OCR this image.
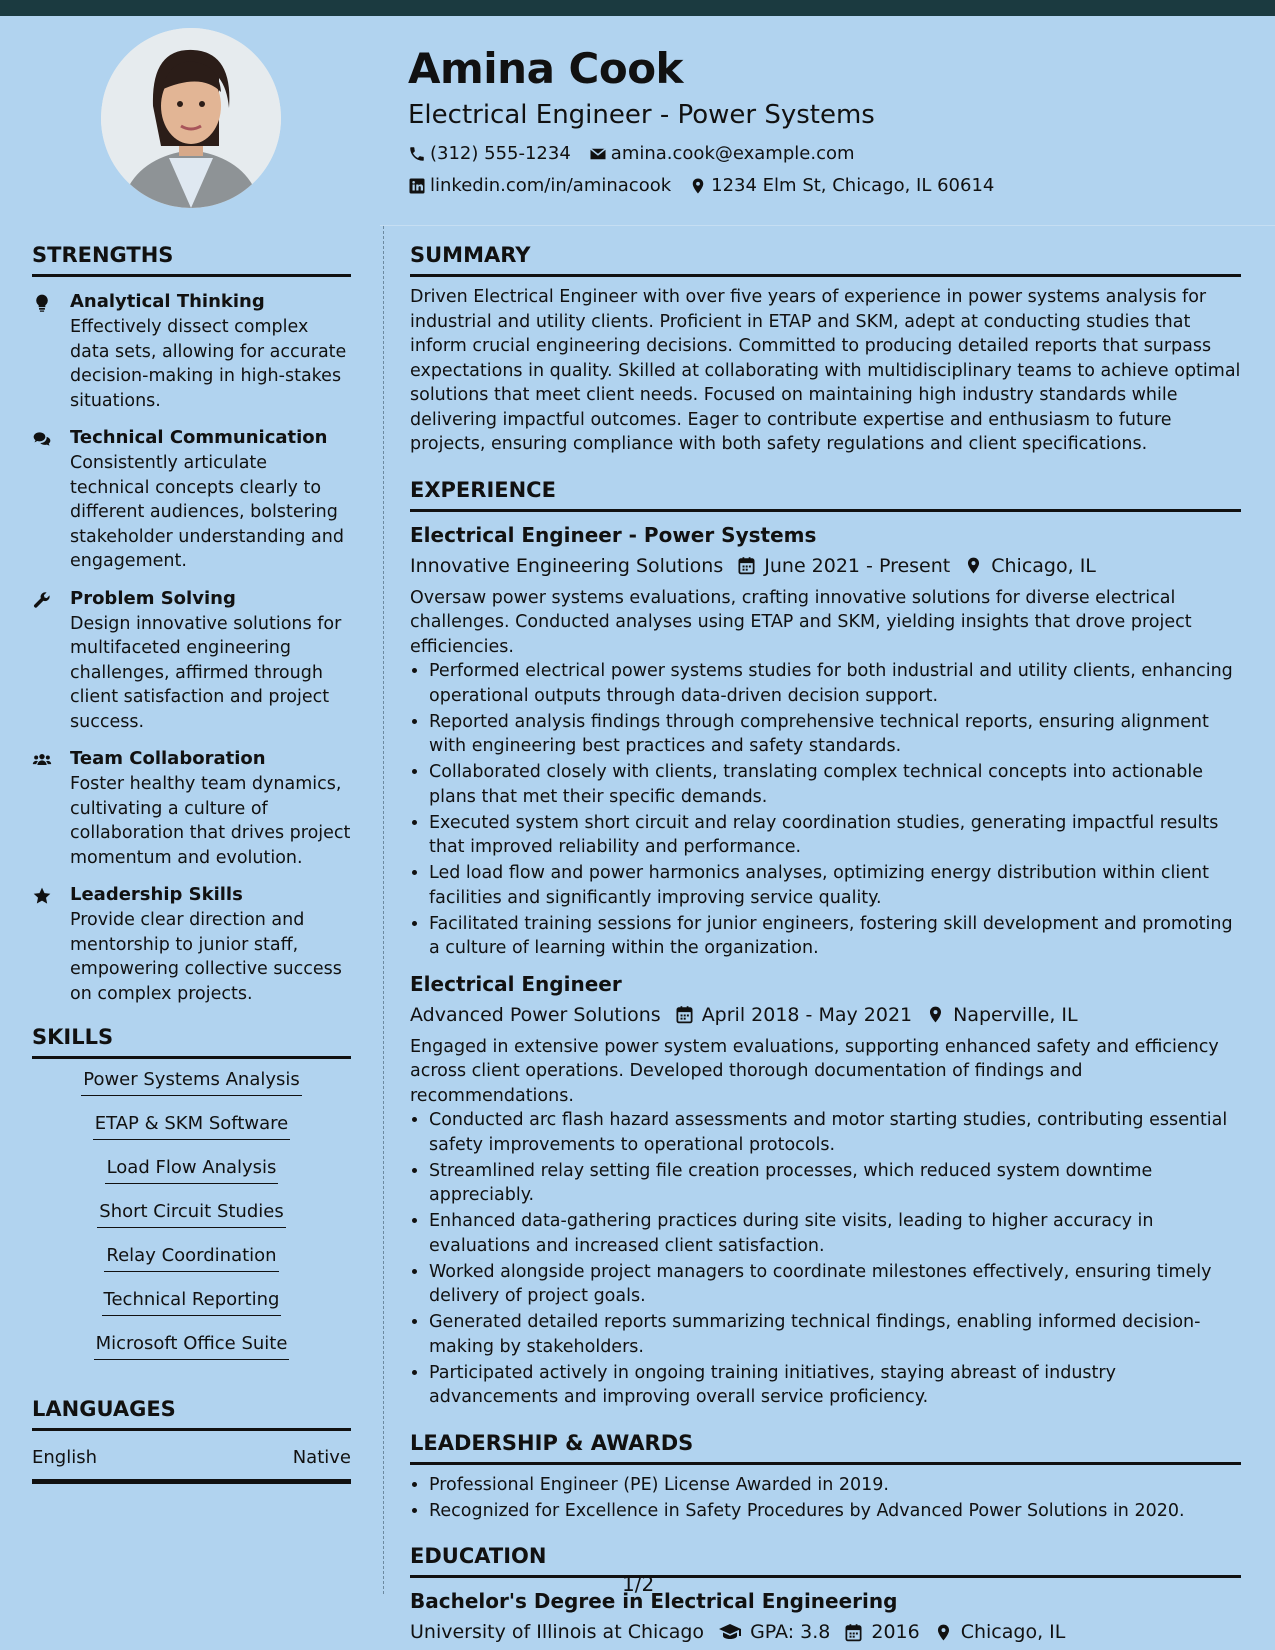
Amina Cook
Electrical Engineer - Power Systems
(312) 555-1234 amina.cook@example.com
linkedin.com/in/aminacook 1234 Elm St, Chicago, IL 60614
STRENGTHS
Analytical Thinking
Effectively dissect complex data sets, allowing for accurate decision-making in high-stakes situations.
Technical Communication
Consistently articulate technical concepts clearly to different audiences, bolstering stakeholder understanding and engagement.
Problem Solving
Design innovative solutions for multifaceted engineering challenges, affirmed through client satisfaction and project success.
Team Collaboration
Foster healthy team dynamics, cultivating a culture of collaboration that drives project momentum and evolution.
Leadership Skills
Provide clear direction and mentorship to junior staff, empowering collective success on complex projects.
SKILLS
Power Systems Analysis
ETAP & SKM Software
Load Flow Analysis
Short Circuit Studies
Relay Coordination
Technical Reporting
Microsoft Office Suite
LANGUAGES
English	Native
SUMMARY

Driven Electrical Engineer with over five years of experience in power systems analysis for industrial and utility clients. Proficient in ETAP and SKM, adept at conducting studies that inform crucial engineering decisions. Committed to producing detailed reports that surpass expectations in quality. Skilled at collaborating with multidisciplinary teams to achieve optimal solutions that meet client needs. Focused on maintaining high industry standards while delivering impactful outcomes. Eager to contribute expertise and enthusiasm to future projects, ensuring compliance with both safety regulations and client specifications.

EXPERIENCE
Electrical Engineer - Power Systems
Innovative Engineering Solutions June 2021 - Present Chicago, IL

Oversaw power systems evaluations, crafting innovative solutions for diverse electrical challenges. Conducted analyses using ETAP and SKM, yielding insights that drove project efficiencies.

• Performed electrical power systems studies for both industrial and utility clients, enhancing operational outputs through data-driven decision support.
• Reported analysis findings through comprehensive technical reports, ensuring alignment with engineering best practices and safety standards.
• Collaborated closely with clients, translating complex technical concepts into actionable plans that met their specific demands.
• Executed system short circuit and relay coordination studies, generating impactful results that improved reliability and performance.
• Led load flow and power harmonics analyses, optimizing energy distribution within client facilities and significantly improving service quality.
• Facilitated training sessions for junior engineers, fostering skill development and promoting a culture of learning within the organization.
Electrical Engineer
Advanced Power Solutions April 2018 - May 2021 Naperville, IL

Engaged in extensive power system evaluations, supporting enhanced safety and efficiency across client operations. Developed thorough documentation of findings and recommendations.

• Conducted arc flash hazard assessments and motor starting studies, contributing essential safety improvements to operational protocols.
• Streamlined relay setting file creation processes, which reduced system downtime appreciably.
• Enhanced data-gathering practices during site visits, leading to higher accuracy in evaluations and increased client satisfaction.
• Worked alongside project managers to coordinate milestones effectively, ensuring timely delivery of project goals.
• Generated detailed reports summarizing technical findings, enabling informed decision-making by stakeholders.
• Participated actively in ongoing training initiatives, staying abreast of industry advancements and improving overall service proficiency.
LEADERSHIP & AWARDS
• Professional Engineer (PE) License Awarded in 2019.
• Recognized for Excellence in Safety Procedures by Advanced Power Solutions in 2020.
EDUCATION
Bachelor's Degree in Electrical Engineering
University of Illinois at Chicago GPA: 3.8 2016 Chicago, IL
1/2
